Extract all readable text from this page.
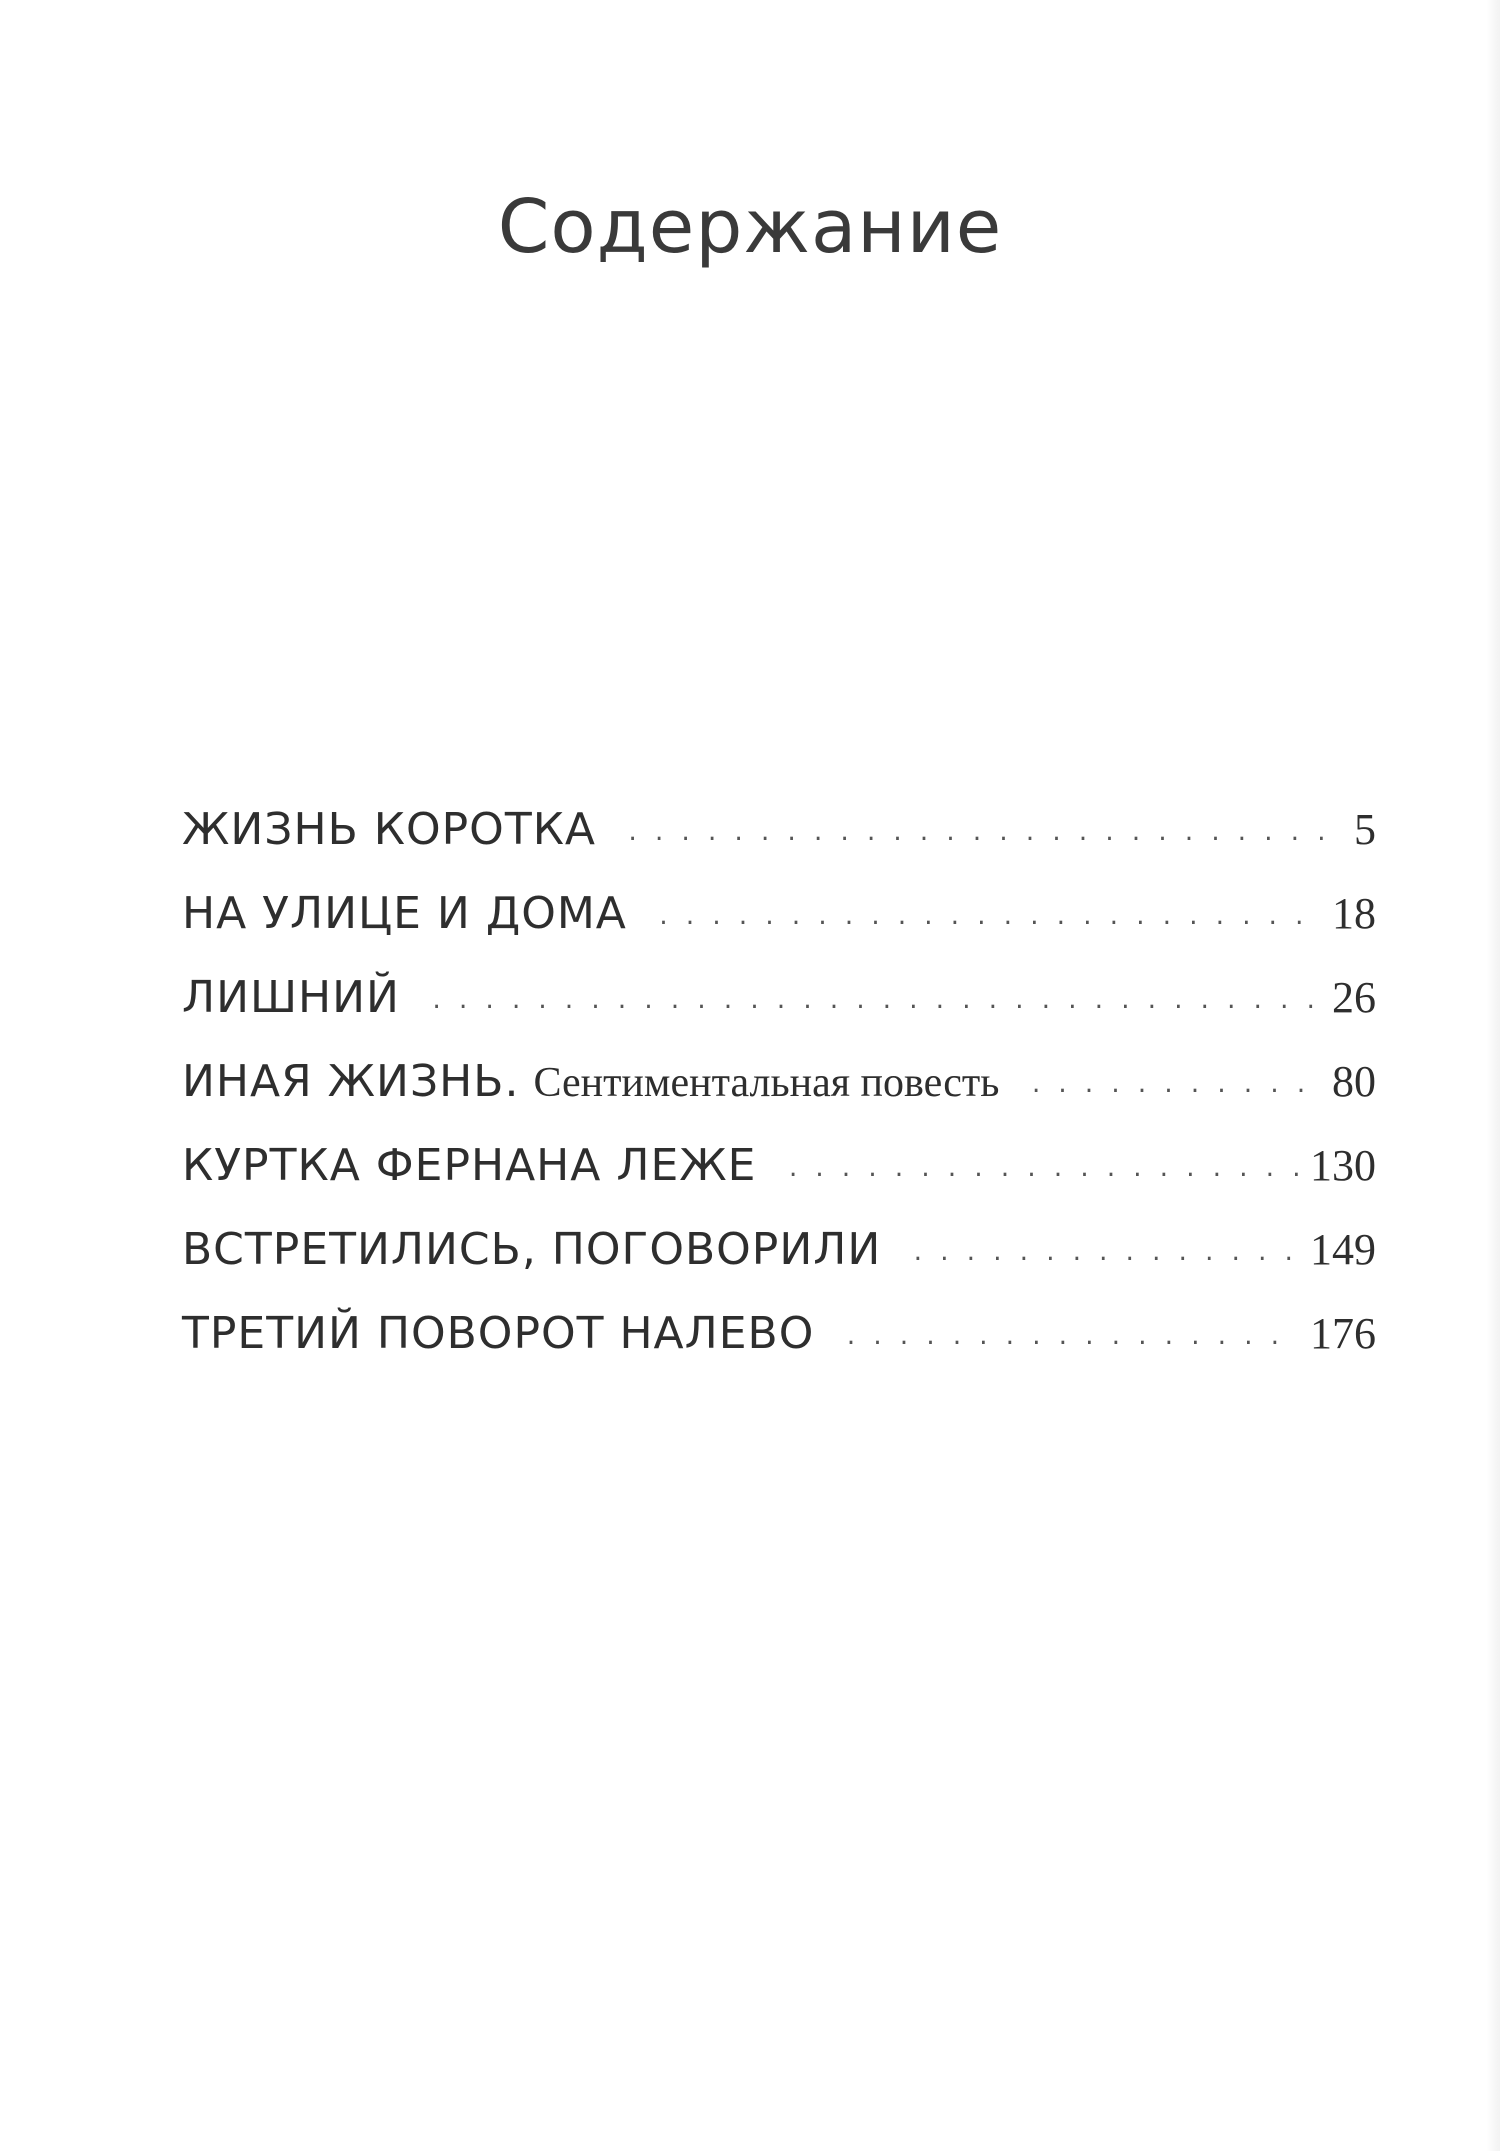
Содержание
ЖИЗНЬ КОРОТКА . . .	5
НА УЛИЦЕ И ДОМА . . .	18
ЛИШНИЙ . . .	26
ИНАЯ ЖИЗНЬ. Сентиментальная повесть . . .	80
КУРТКА ФЕРНАНА ЛЕЖЕ . . .	130
ВСТРЕТИЛИСЬ, ПОГОВОРИЛИ . . .	149
ТРЕТИЙ ПОВОРОТ НАЛЕВО . . .	176
